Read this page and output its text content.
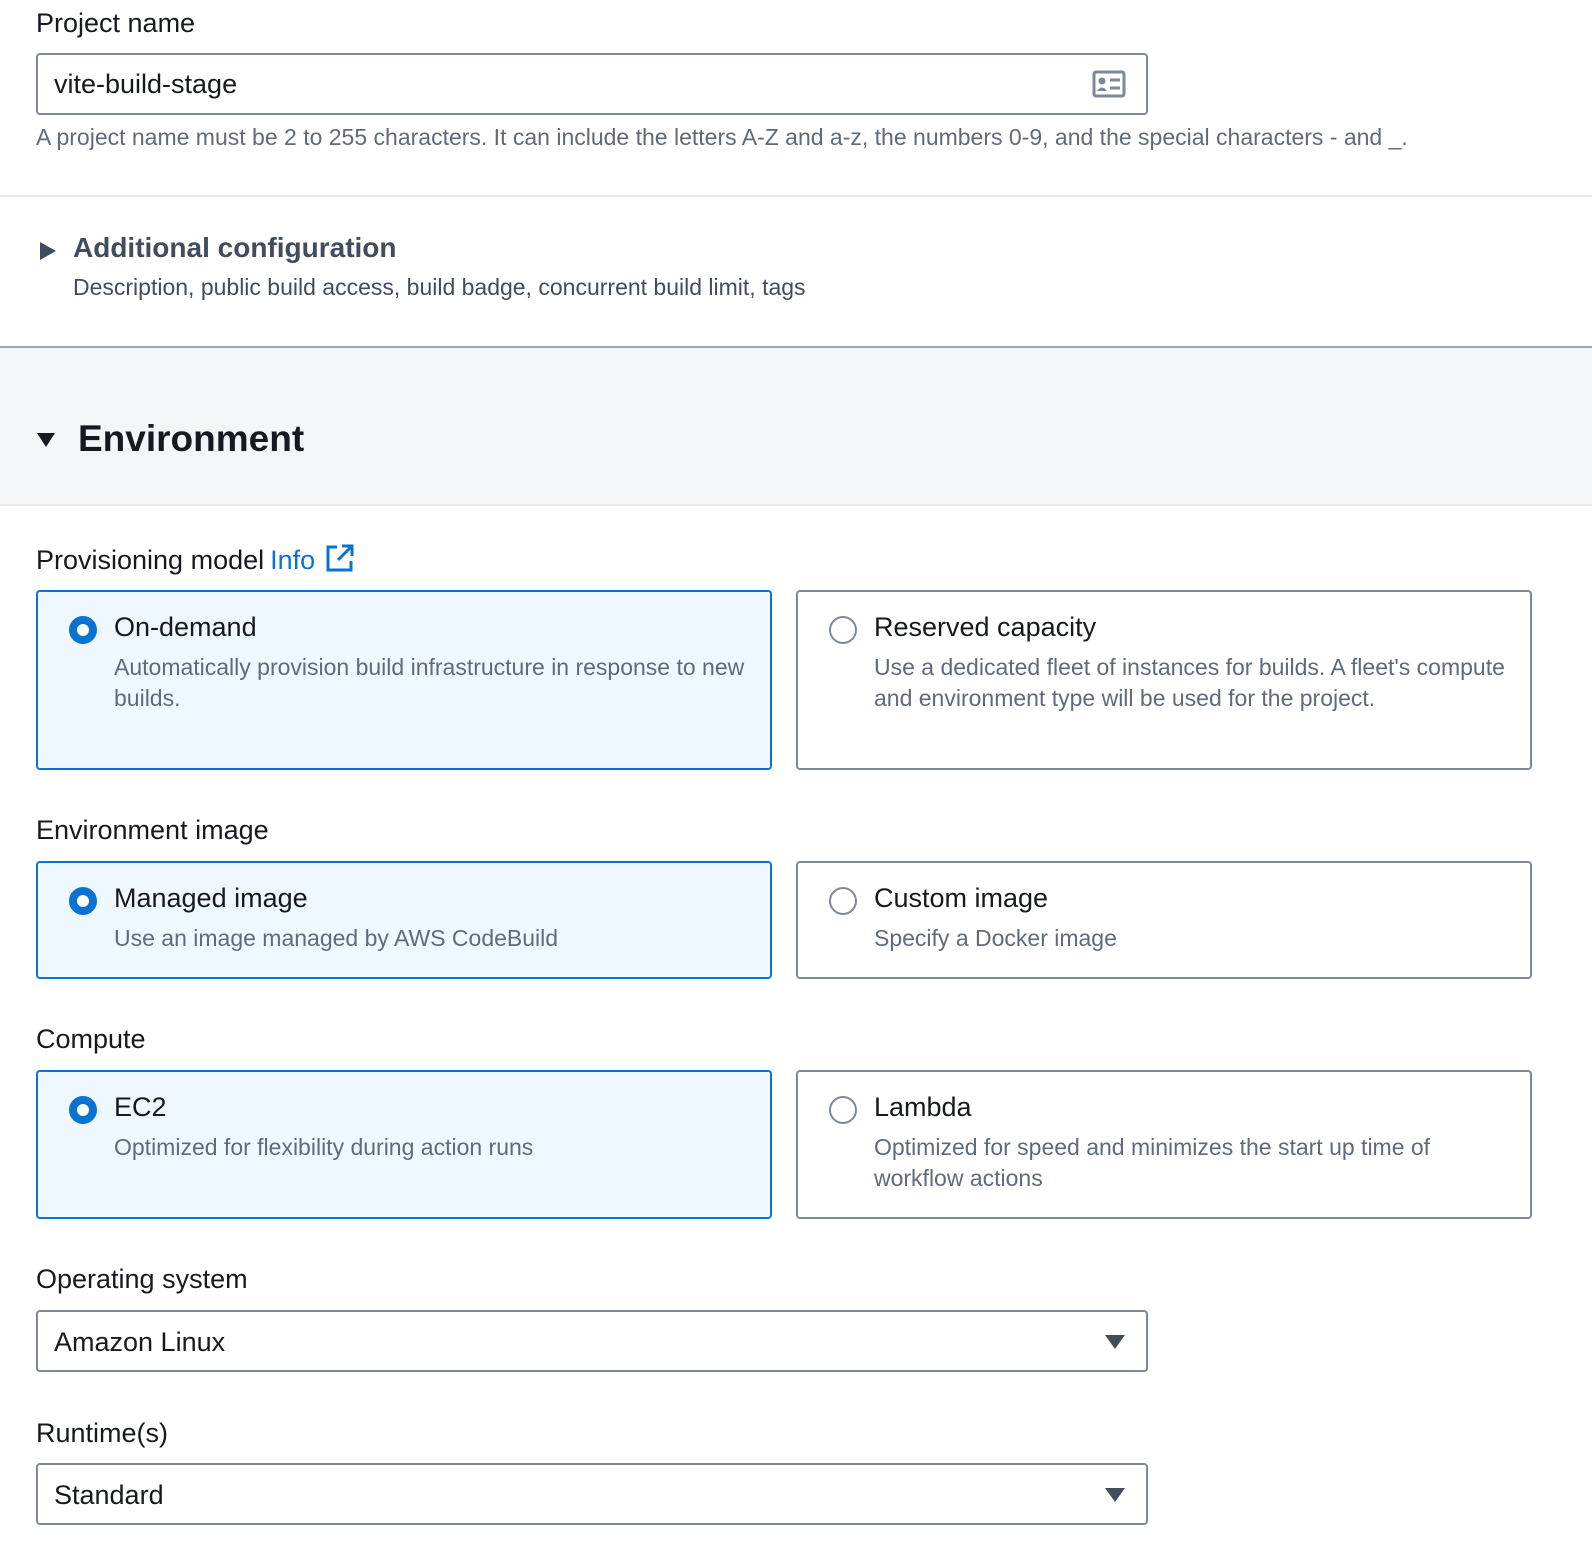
Project name
vite-build-stage
A project name must be 2 to 255 characters. It can include the letters A-Z and a-z, the numbers 0-9, and the special characters - and _.
Additional configuration
Description, public build access, build badge, concurrent build limit, tags
Environment
Provisioning model Info
On-demand
Automatically provision build infrastructure in response to new builds.
Reserved capacity
Use a dedicated fleet of instances for builds. A fleet's compute and environment type will be used for the project.
Environment image
Managed image
Use an image managed by AWS CodeBuild
Custom image
Specify a Docker image
Compute
EC2
Optimized for flexibility during action runs
Lambda
Optimized for speed and minimizes the start up time of workflow actions
Operating system
Amazon Linux
Runtime(s)
Standard
